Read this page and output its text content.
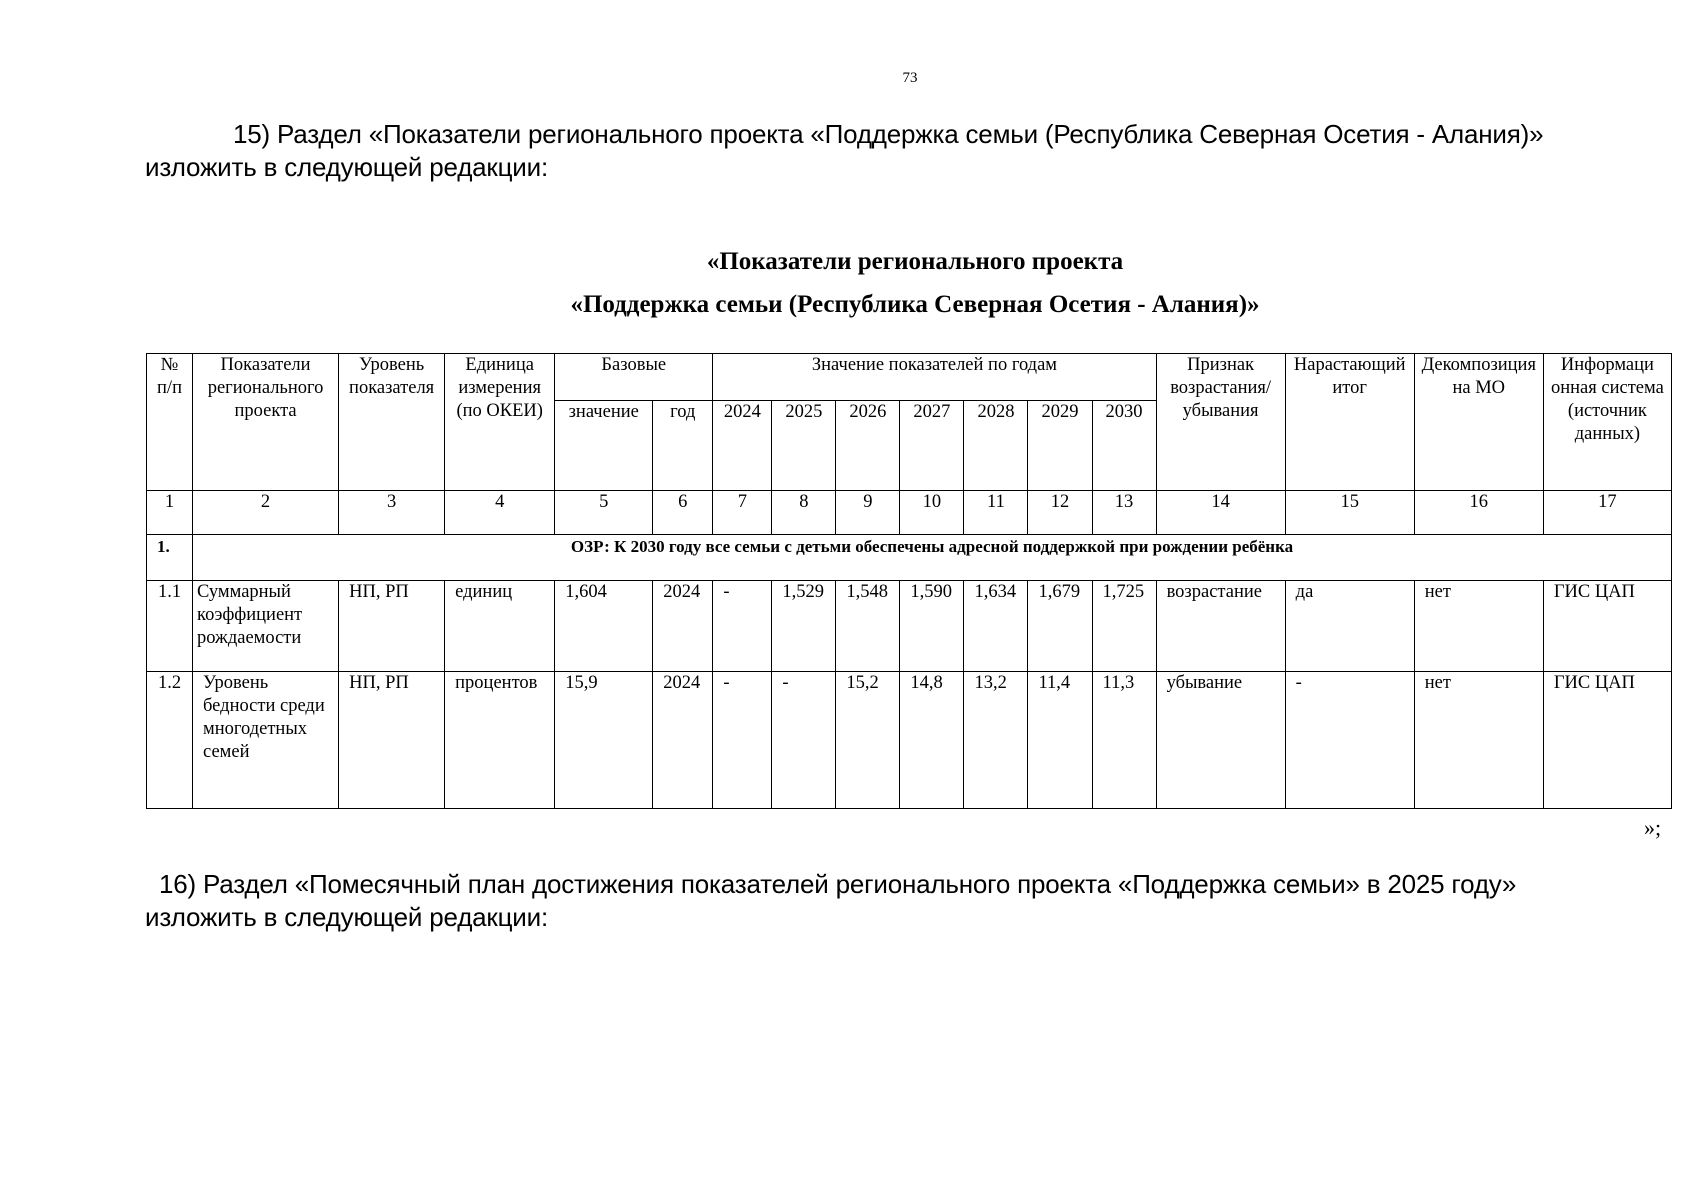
73
15) Раздел «Показатели регионального проекта «Поддержка семьи (Республика Северная Осетия - Алания)»
изложить в следующей редакции:
«Показатели регионального проекта
«Поддержка семьи (Республика Северная Осетия - Алания)»
№ п/п	Показатели регионального проекта	Уровень показателя	Единица измерения (по ОКЕИ)	Базовые		Значение показателей по годам							Признак возрастания/ убывания	Нарастающий итог	Декомпозиция на МО	Информаци онная система (источник данных)
				значение	год	2024	2025	2026	2027	2028	2029	2030				
1	2	3	4	5	6	7	8	9	10	11	12	13	14	15	16	17
1.	ОЗР: К 2030 году все семьи с детьми обеспечены адресной поддержкой при рождении ребёнка															
1.1	Суммарный коэффициент рождаемости	НП, РП	единиц	1,604	2024	-	1,529	1,548	1,590	1,634	1,679	1,725	возрастание	да	нет	ГИС ЦАП
1.2	Уровень бедности среди многодетных семей	НП, РП	процентов	15,9	2024	-	-	15,2	14,8	13,2	11,4	11,3	убывание	-	нет	ГИС ЦАП
»;
16) Раздел «Помесячный план достижения показателей регионального проекта «Поддержка семьи» в 2025 году»
изложить в следующей редакции:
